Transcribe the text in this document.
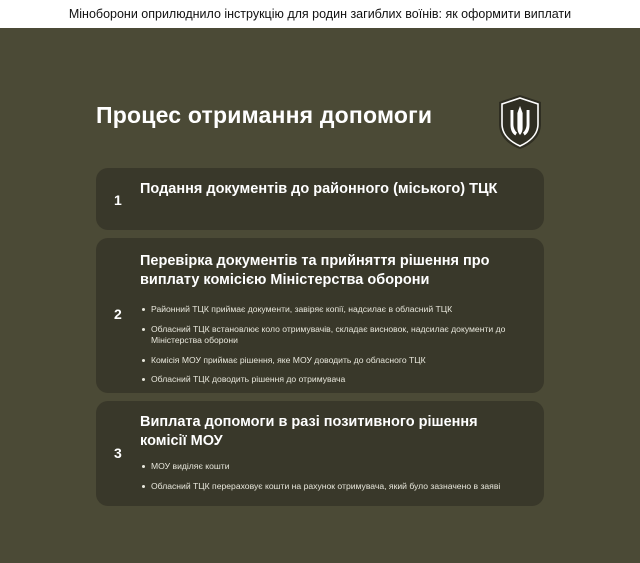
Міноборони оприлюднило інструкцію для родин загиблих воїнів: як оформити виплати
Процес отримання допомоги
1
Подання документів до районного (міського) ТЦК
2
Перевірка документів та прийняття рішення про виплату комісією Міністерства оборони
Районний ТЦК приймає документи, завіряє копії, надсилає в обласний ТЦК
Обласний ТЦК встановлює коло отримувачів, складає висновок, надсилає документи до Міністерства оборони
Комісія МОУ приймає рішення, яке МОУ доводить до обласного ТЦК
Обласний ТЦК доводить рішення до отримувача
3
Виплата допомоги в разі позитивного рішення комісії МОУ
МОУ виділяє кошти
Обласний ТЦК перераховує кошти на рахунок отримувача, який було зазначено в заяві
